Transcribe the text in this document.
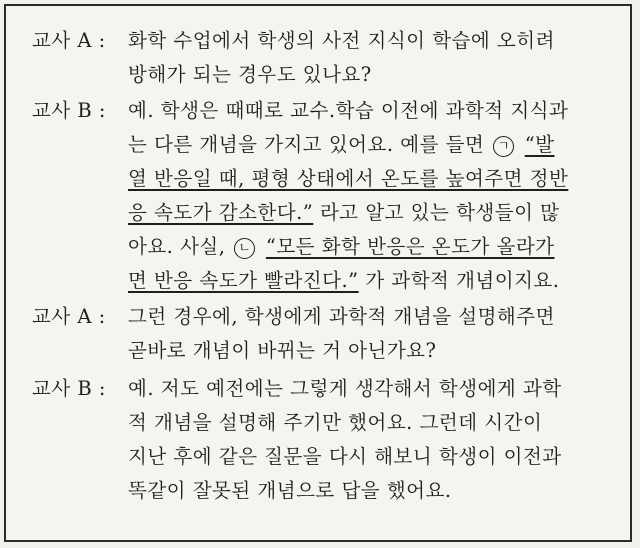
교사 A : 화학 수업에서 학생의 사전 지식이 학습에 오히려
방해가 되는 경우도 있나요?
교사 B : 예. 학생은 때때로 교수.학습 이전에 과학적 지식과
는 다른 개념을 가지고 있어요. 예를 들면 ㄱ “발
열 반응일 때, 평형 상태에서 온도를 높여주면 정반
응 속도가 감소한다.” 라고 알고 있는 학생들이 많
아요. 사실, ㄴ “모든 화학 반응은 온도가 올라가
면 반응 속도가 빨라진다.” 가 과학적 개념이지요.
교사 A : 그런 경우에, 학생에게 과학적 개념을 설명해주면
곧바로 개념이 바뀌는 거 아닌가요?
교사 B : 예. 저도 예전에는 그렇게 생각해서 학생에게 과학
적 개념을 설명해 주기만 했어요. 그런데 시간이
지난 후에 같은 질문을 다시 해보니 학생이 이전과
똑같이 잘못된 개념으로 답을 했어요.
